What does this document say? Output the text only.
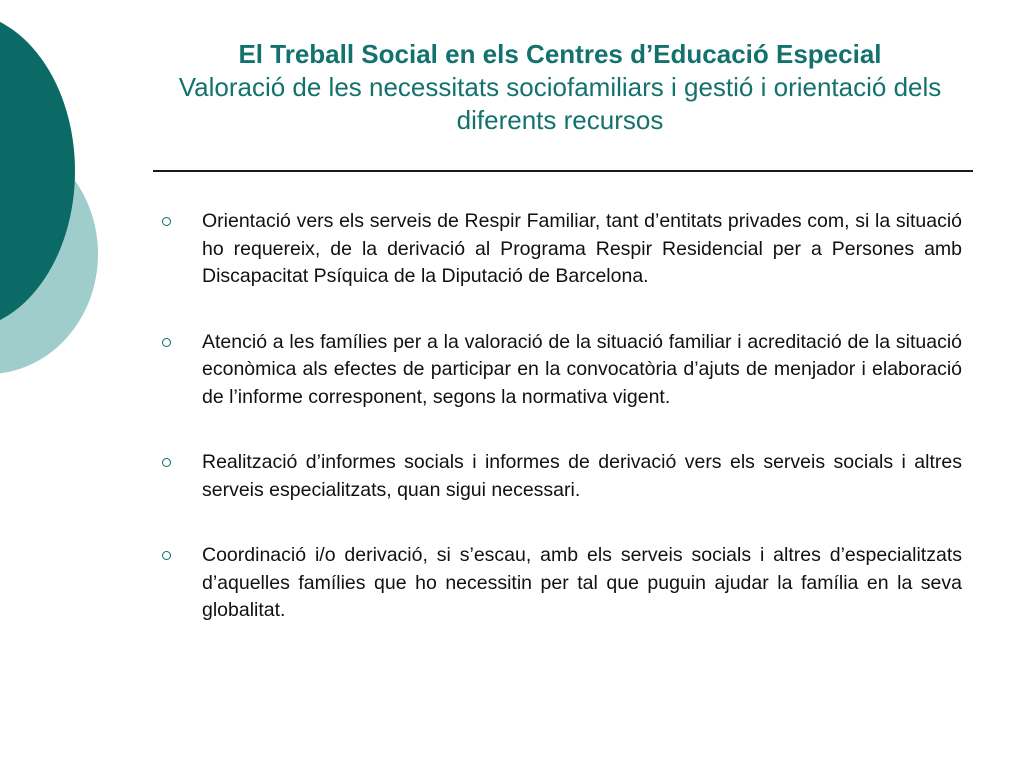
El Treball Social en els Centres d’Educació Especial
Valoració de les necessitats sociofamiliars i gestió i orientació dels diferents recursos
Orientació vers els serveis de Respir Familiar, tant d’entitats privades com, si la situació ho requereix, de la derivació al Programa Respir Residencial per a Persones amb Discapacitat Psíquica de la Diputació de Barcelona.
Atenció a les famílies per a la valoració de la situació familiar i acreditació de la situació econòmica als efectes de participar en la convocatòria d’ajuts de menjador i elaboració de l’informe corresponent, segons la normativa vigent.
Realització d’informes socials i informes de derivació vers els serveis socials i altres serveis especialitzats, quan sigui necessari.
Coordinació i/o derivació, si s’escau, amb els serveis socials i altres d’especialitzats d’aquelles famílies que ho necessitin per tal que puguin ajudar la família en la seva globalitat.
